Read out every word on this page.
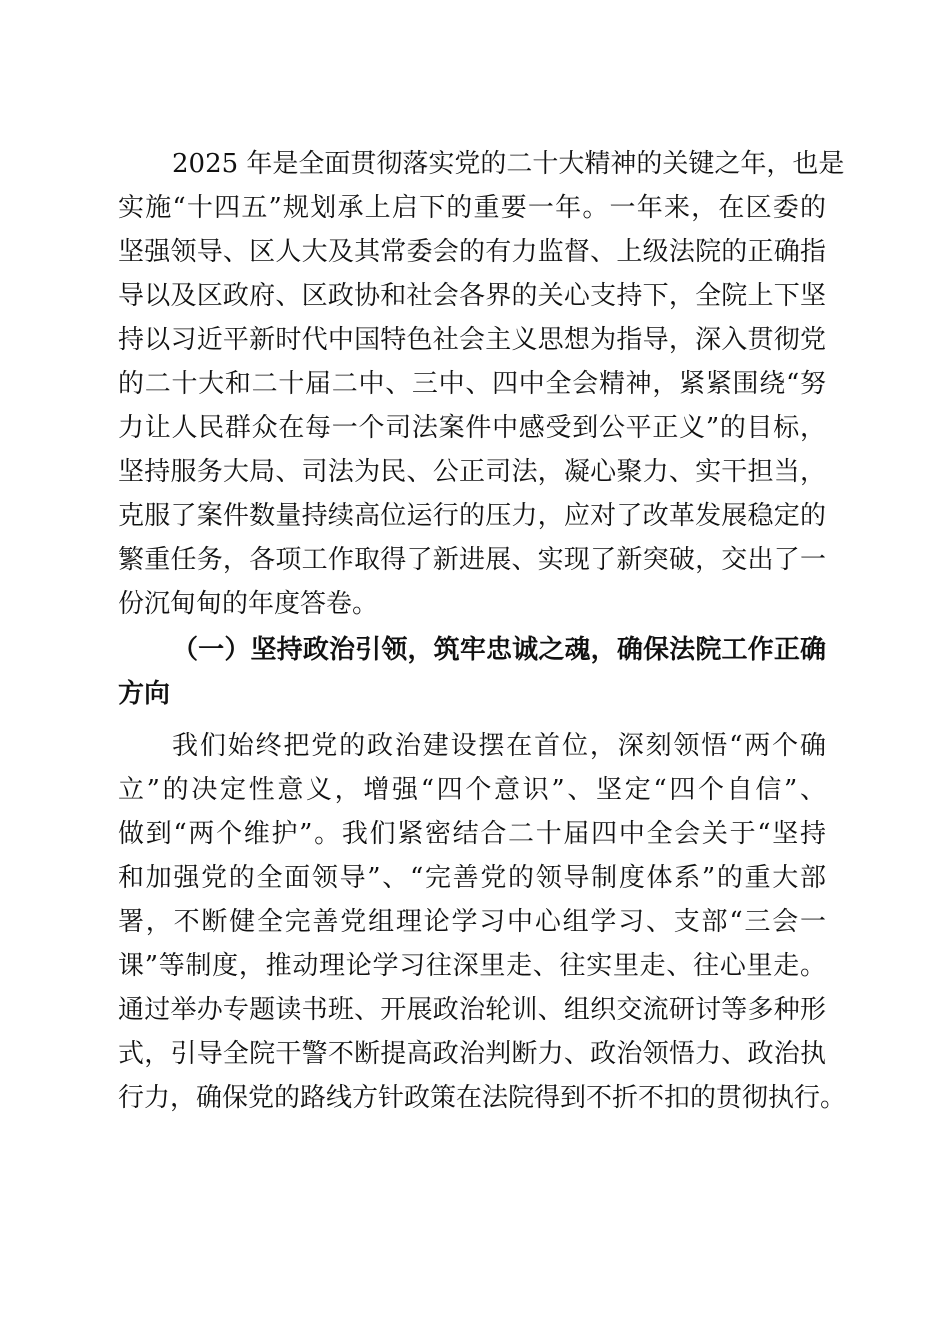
2025 年是全面贯彻落实党的二十大精神的关键之年，也是
实施“十四五”规划承上启下的重要一年。一年来，在区委的
坚强领导、区人大及其常委会的有力监督、上级法院的正确指
导以及区政府、区政协和社会各界的关心支持下，全院上下坚
持以习近平新时代中国特色社会主义思想为指导，深入贯彻党
的二十大和二十届二中、三中、四中全会精神，紧紧围绕“努
力让人民群众在每一个司法案件中感受到公平正义”的目标，
坚持服务大局、司法为民、公正司法，凝心聚力、实干担当，
克服了案件数量持续高位运行的压力，应对了改革发展稳定的
繁重任务，各项工作取得了新进展、实现了新突破，交出了一
份沉甸甸的年度答卷。
（一）坚持政治引领，筑牢忠诚之魂，确保法院工作正确
方向
我们始终把党的政治建设摆在首位，深刻领悟“两个确
立”的决定性意义，增强“四个意识”、坚定“四个自信”、
做到“两个维护”。我们紧密结合二十届四中全会关于“坚持
和加强党的全面领导”、“完善党的领导制度体系”的重大部
署，不断健全完善党组理论学习中心组学习、支部“三会一
课”等制度，推动理论学习往深里走、往实里走、往心里走。
通过举办专题读书班、开展政治轮训、组织交流研讨等多种形
式，引导全院干警不断提高政治判断力、政治领悟力、政治执
行力，确保党的路线方针政策在法院得到不折不扣的贯彻执行。
